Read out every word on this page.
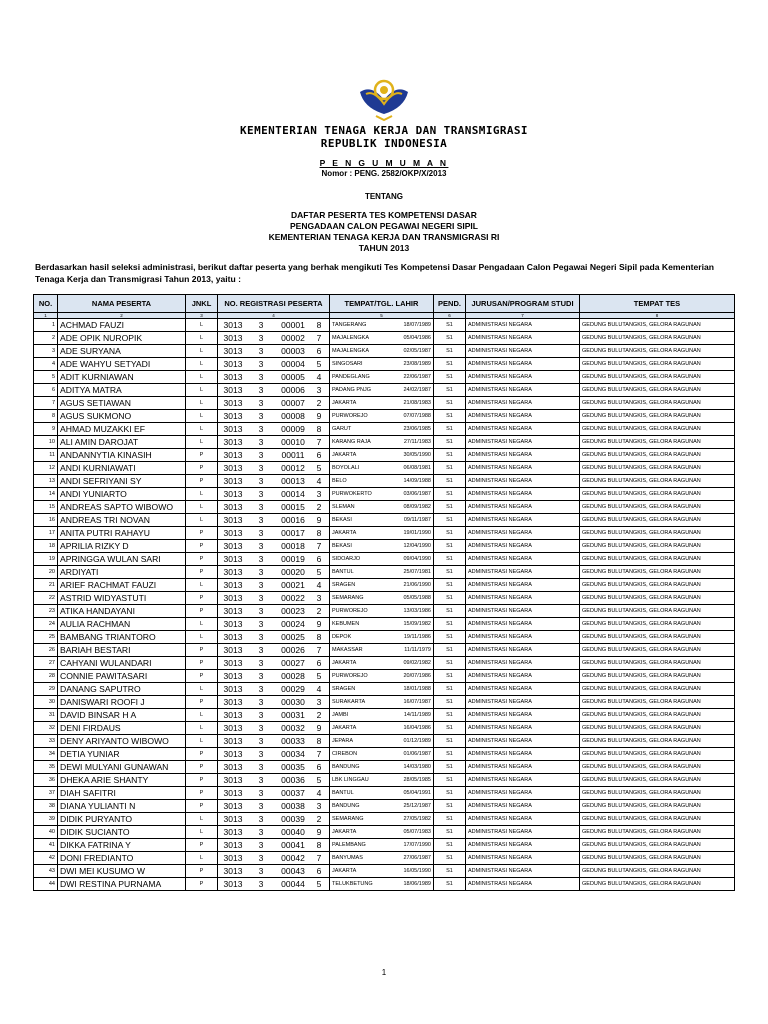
KEMENTERIAN TENAGA KERJA DAN TRANSMIGRASI
REPUBLIK INDONESIA
P E N G U M U M A N
Nomor : PENG. 2582/OKP/X/2013
TENTANG
DAFTAR PESERTA TES KOMPETENSI DASAR
PENGADAAN CALON PEGAWAI NEGERI SIPIL
KEMENTERIAN TENAGA KERJA DAN TRANSMIGRASI RI
TAHUN 2013
Berdasarkan hasil seleksi administrasi, berikut daftar peserta yang berhak mengikuti Tes Kompetensi Dasar Pengadaan Calon Pegawai Negeri Sipil pada Kementerian Tenaga Kerja dan Transmigrasi Tahun 2013, yaitu :
NO.	NAMA PESERTA	JNKL	NO. REGISTRASI PESERTA	TEMPAT/TGL. LAHIR	PEND.	JURUSAN/PROGRAM STUDI	TEMPAT TES
1	2	3	4	5	6	7	8
1	ACHMAD FAUZI	L	3013 3 00001 8	TANGERANG 18/07/1989	S1	ADMINISTRASI NEGARA	GEDUNG BULUTANGKIS, GELORA RAGUNAN
2	ADE OPIK NUROPIK	L	3013 3 00002 7	MAJALENGKA 05/04/1986	S1	ADMINISTRASI NEGARA	GEDUNG BULUTANGKIS, GELORA RAGUNAN
3	ADE SURYANA	L	3013 3 00003 6	MAJALENGKA 02/05/1987	S1	ADMINISTRASI NEGARA	GEDUNG BULUTANGKIS, GELORA RAGUNAN
4	ADE WAHYU SETYADI	L	3013 3 00004 5	SINGOSARI 23/08/1989	S1	ADMINISTRASI NEGARA	GEDUNG BULUTANGKIS, GELORA RAGUNAN
5	ADIT KURNIAWAN	L	3013 3 00005 4	PANDEGLANG 22/06/1987	S1	ADMINISTRASI NEGARA	GEDUNG BULUTANGKIS, GELORA RAGUNAN
6	ADITYA MATRA	L	3013 3 00006 3	PADANG PNJG 24/02/1987	S1	ADMINISTRASI NEGARA	GEDUNG BULUTANGKIS, GELORA RAGUNAN
7	AGUS SETIAWAN	L	3013 3 00007 2	JAKARTA 21/08/1983	S1	ADMINISTRASI NEGARA	GEDUNG BULUTANGKIS, GELORA RAGUNAN
8	AGUS SUKMONO	L	3013 3 00008 9	PURWOREJO 07/07/1988	S1	ADMINISTRASI NEGARA	GEDUNG BULUTANGKIS, GELORA RAGUNAN
9	AHMAD MUZAKKI EF	L	3013 3 00009 8	GARUT 23/06/1985	S1	ADMINISTRASI NEGARA	GEDUNG BULUTANGKIS, GELORA RAGUNAN
10	ALI AMIN DAROJAT	L	3013 3 00010 7	KARANG RAJA 27/11/1983	S1	ADMINISTRASI NEGARA	GEDUNG BULUTANGKIS, GELORA RAGUNAN
11	ANDANNYTIA KINASIH	P	3013 3 00011 6	JAKARTA 30/05/1990	S1	ADMINISTRASI NEGARA	GEDUNG BULUTANGKIS, GELORA RAGUNAN
12	ANDI KURNIAWATI	P	3013 3 00012 5	BOYOLALI 06/08/1981	S1	ADMINISTRASI NEGARA	GEDUNG BULUTANGKIS, GELORA RAGUNAN
13	ANDI SEFRIYANI SY	P	3013 3 00013 4	BELO 14/09/1988	S1	ADMINISTRASI NEGARA	GEDUNG BULUTANGKIS, GELORA RAGUNAN
14	ANDI YUNIARTO	L	3013 3 00014 3	PURWOKERTO 03/06/1987	S1	ADMINISTRASI NEGARA	GEDUNG BULUTANGKIS, GELORA RAGUNAN
15	ANDREAS SAPTO WIBOWO	L	3013 3 00015 2	SLEMAN 08/09/1982	S1	ADMINISTRASI NEGARA	GEDUNG BULUTANGKIS, GELORA RAGUNAN
16	ANDREAS TRI NOVAN	L	3013 3 00016 9	BEKASI 09/11/1987	S1	ADMINISTRASI NEGARA	GEDUNG BULUTANGKIS, GELORA RAGUNAN
17	ANITA PUTRI RAHAYU	P	3013 3 00017 8	JAKARTA 19/01/1990	S1	ADMINISTRASI NEGARA	GEDUNG BULUTANGKIS, GELORA RAGUNAN
18	APRILIA RIZKY D	P	3013 3 00018 7	BEKASI 12/04/1990	S1	ADMINISTRASI NEGARA	GEDUNG BULUTANGKIS, GELORA RAGUNAN
19	APRINGGA WULAN SARI	P	3013 3 00019 6	SIDOARJO 09/04/1990	S1	ADMINISTRASI NEGARA	GEDUNG BULUTANGKIS, GELORA RAGUNAN
20	ARDIYATI	P	3013 3 00020 5	BANTUL 25/07/1981	S1	ADMINISTRASI NEGARA	GEDUNG BULUTANGKIS, GELORA RAGUNAN
21	ARIEF RACHMAT FAUZI	L	3013 3 00021 4	SRAGEN 21/06/1990	S1	ADMINISTRASI NEGARA	GEDUNG BULUTANGKIS, GELORA RAGUNAN
22	ASTRID WIDYASTUTI	P	3013 3 00022 3	SEMARANG 05/05/1988	S1	ADMINISTRASI NEGARA	GEDUNG BULUTANGKIS, GELORA RAGUNAN
23	ATIKA HANDAYANI	P	3013 3 00023 2	PURWOREJO 13/03/1986	S1	ADMINISTRASI NEGARA	GEDUNG BULUTANGKIS, GELORA RAGUNAN
24	AULIA RACHMAN	L	3013 3 00024 9	KEBUMEN 15/09/1982	S1	ADMINISTRASI NEGARA	GEDUNG BULUTANGKIS, GELORA RAGUNAN
25	BAMBANG TRIANTORO	L	3013 3 00025 8	DEPOK 19/11/1986	S1	ADMINISTRASI NEGARA	GEDUNG BULUTANGKIS, GELORA RAGUNAN
26	BARIAH BESTARI	P	3013 3 00026 7	MAKASSAR 11/11/1979	S1	ADMINISTRASI NEGARA	GEDUNG BULUTANGKIS, GELORA RAGUNAN
27	CAHYANI WULANDARI	P	3013 3 00027 6	JAKARTA 09/02/1982	S1	ADMINISTRASI NEGARA	GEDUNG BULUTANGKIS, GELORA RAGUNAN
28	CONNIE PAWITASARI	P	3013 3 00028 5	PURWOREJO 20/07/1986	S1	ADMINISTRASI NEGARA	GEDUNG BULUTANGKIS, GELORA RAGUNAN
29	DANANG SAPUTRO	L	3013 3 00029 4	SRAGEN 18/01/1988	S1	ADMINISTRASI NEGARA	GEDUNG BULUTANGKIS, GELORA RAGUNAN
30	DANISWARI ROOFI J	P	3013 3 00030 3	SURAKARTA 16/07/1987	S1	ADMINISTRASI NEGARA	GEDUNG BULUTANGKIS, GELORA RAGUNAN
31	DAVID BINSAR H A	L	3013 3 00031 2	JAMBI 14/11/1989	S1	ADMINISTRASI NEGARA	GEDUNG BULUTANGKIS, GELORA RAGUNAN
32	DENI FIRDAUS	L	3013 3 00032 9	JAKARTA 16/04/1986	S1	ADMINISTRASI NEGARA	GEDUNG BULUTANGKIS, GELORA RAGUNAN
33	DENY ARIYANTO WIBOWO	L	3013 3 00033 8	JEPARA 01/12/1989	S1	ADMINISTRASI NEGARA	GEDUNG BULUTANGKIS, GELORA RAGUNAN
34	DETIA YUNIAR	P	3013 3 00034 7	CIREBON 01/06/1987	S1	ADMINISTRASI NEGARA	GEDUNG BULUTANGKIS, GELORA RAGUNAN
35	DEWI MULYANI GUNAWAN	P	3013 3 00035 6	BANDUNG 14/03/1980	S1	ADMINISTRASI NEGARA	GEDUNG BULUTANGKIS, GELORA RAGUNAN
36	DHEKA ARIE SHANTY	P	3013 3 00036 5	LBK LINGGAU 28/05/1985	S1	ADMINISTRASI NEGARA	GEDUNG BULUTANGKIS, GELORA RAGUNAN
37	DIAH SAFITRI	P	3013 3 00037 4	BANTUL 05/04/1991	S1	ADMINISTRASI NEGARA	GEDUNG BULUTANGKIS, GELORA RAGUNAN
38	DIANA YULIANTI N	P	3013 3 00038 3	BANDUNG 25/12/1987	S1	ADMINISTRASI NEGARA	GEDUNG BULUTANGKIS, GELORA RAGUNAN
39	DIDIK PURYANTO	L	3013 3 00039 2	SEMARANG 27/05/1982	S1	ADMINISTRASI NEGARA	GEDUNG BULUTANGKIS, GELORA RAGUNAN
40	DIDIK SUCIANTO	L	3013 3 00040 9	JAKARTA 05/07/1983	S1	ADMINISTRASI NEGARA	GEDUNG BULUTANGKIS, GELORA RAGUNAN
41	DIKKA FATRINA Y	P	3013 3 00041 8	PALEMBANG 17/07/1990	S1	ADMINISTRASI NEGARA	GEDUNG BULUTANGKIS, GELORA RAGUNAN
42	DONI FREDIANTO	L	3013 3 00042 7	BANYUMAS 27/06/1987	S1	ADMINISTRASI NEGARA	GEDUNG BULUTANGKIS, GELORA RAGUNAN
43	DWI MEI KUSUMO W	P	3013 3 00043 6	JAKARTA 16/05/1990	S1	ADMINISTRASI NEGARA	GEDUNG BULUTANGKIS, GELORA RAGUNAN
44	DWI RESTINA PURNAMA	P	3013 3 00044 5	TELUKBETUNG 18/06/1989	S1	ADMINISTRASI NEGARA	GEDUNG BULUTANGKIS, GELORA RAGUNAN
1
